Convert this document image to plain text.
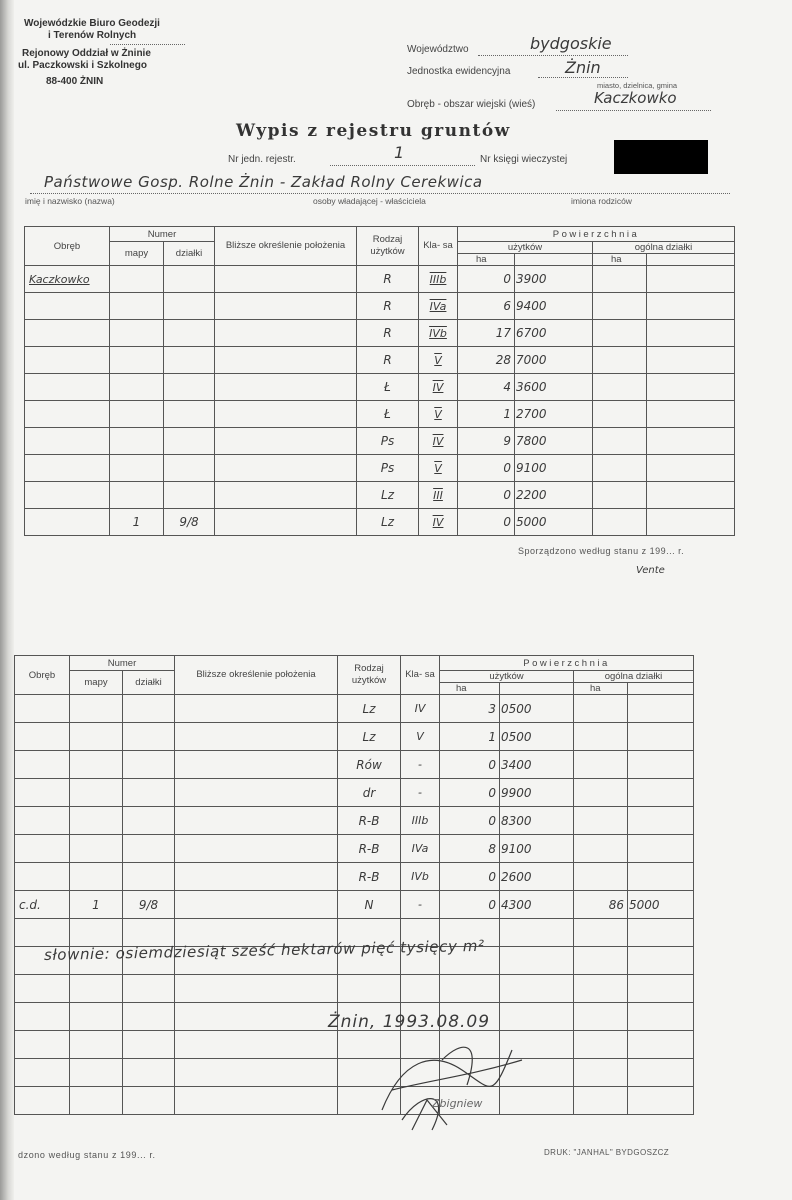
Wojewódzkie Biuro Geodezji
i Terenów Rolnych
Rejonowy Oddział w Żninie
ul. Paczkowski i Szkolnego
88-400 ŻNIN
Województwo	bydgoskie
Jednostka ewidencyjna	Żnin
miasto, dzielnica, gmina
Obręb - obszar wiejski (wieś)	Kaczkowko
Wypis z rejestru gruntów
Nr jedn. rejestr.	1	Nr księgi wieczystej
Państwowe Gosp. Rolne Żnin - Zakład Rolny Cerekwica
imię i nazwisko (nazwa)	osoby władającej - właściciela	imiona rodziców
Obręb	Numer		Bliższe określenie położenia	Rodzaj użytków	Kla- sa	Powierzchnia			
	mapy	działki				użytków		ogólna działki	
						ha		ha	
Kaczkowko				R	IIIb	0	3900		
				R	IVa	6	9400		
				R	IVb	17	6700		
				R	V	28	7000		
				Ł	IV	4	3600		
				Ł	V	1	2700		
				Ps	IV	9	7800		
				Ps	V	0	9100		
				Lz	III	0	2200		
	1	9/8		Lz	IV	0	5000		
Sporządzono według stanu z 199... r.
Vente
Obręb	Numer		Bliższe określenie położenia	Rodzaj użytków	Kla- sa	Powierzchnia			
	mapy	działki				użytków		ogólna działki	
						ha		ha	
				Lz	IV	3	0500		
				Lz	V	1	0500		
				Rów	-	0	3400		
				dr	-	0	9900		
				R-B	IIIb	0	8300		
				R-B	IVa	8	9100		
				R-B	IVb	0	2600		
c.d.	1	9/8		N	-	0	4300	86	5000

słownie: osiemdziesiąt sześć hektarów pięć tysięcy m²
Żnin, 1993.08.09
Zbigniew
dzono według stanu z 199... r.	DRUK: "JANHAL" BYDGOSZCZ
